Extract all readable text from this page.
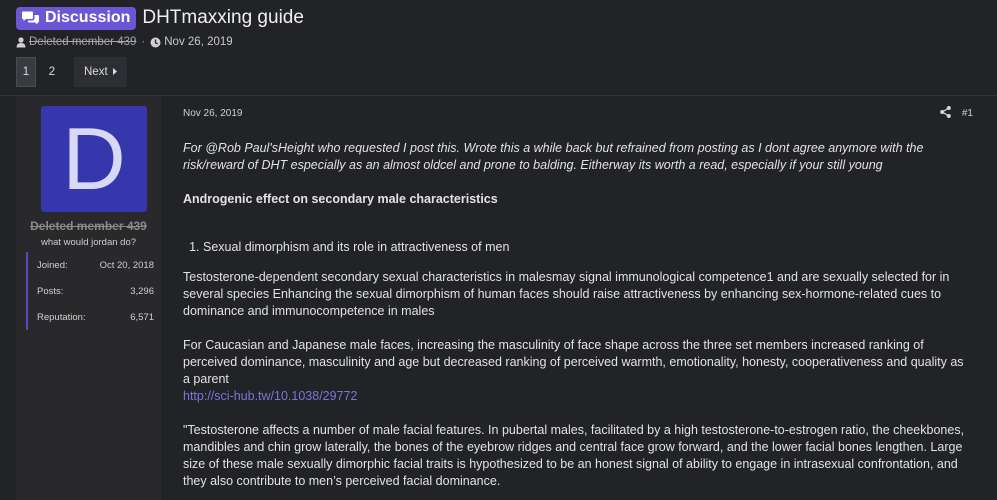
Discussion DHTmaxxing guide
Deleted member 439 · Nov 26, 2019
1	2	Next
D
Deleted member 439
what would jordan do?
Joined:	Oct 20, 2018
Posts:	3,296
Reputation:	6,571
Nov 26, 2019	#1

For @Rob Paul'sHeight who requested I post this. Wrote this a while back but refrained from posting as I dont agree anymore with the risk/reward of DHT especially as an almost oldcel and prone to balding. Eitherway its worth a read, especially if your still young

Androgenic effect on secondary male characteristics

1. Sexual dimorphism and its role in attractiveness of men

Testosterone-dependent secondary sexual characteristics in malesmay signal immunological competence1 and are sexually selected for in several species Enhancing the sexual dimorphism of human faces should raise attractiveness by enhancing sex-hormone-related cues to dominance and immunocompetence in males

For Caucasian and Japanese male faces, increasing the masculinity of face shape across the three set members increased ranking of perceived dominance, masculinity and age but decreased ranking of perceived warmth, emotionality, honesty, cooperativeness and quality as a parent

http://sci-hub.tw/10.1038/29772

"Testosterone affects a number of male facial features. In pubertal males, facilitated by a high testosterone-to-estrogen ratio, the cheekbones, mandibles and chin grow laterally, the bones of the eyebrow ridges and central face grow forward, and the lower facial bones lengthen. Large size of these male sexually dimorphic facial traits is hypothesized to be an honest signal of ability to engage in intrasexual confrontation, and they also contribute to men’s perceived facial dominance.
